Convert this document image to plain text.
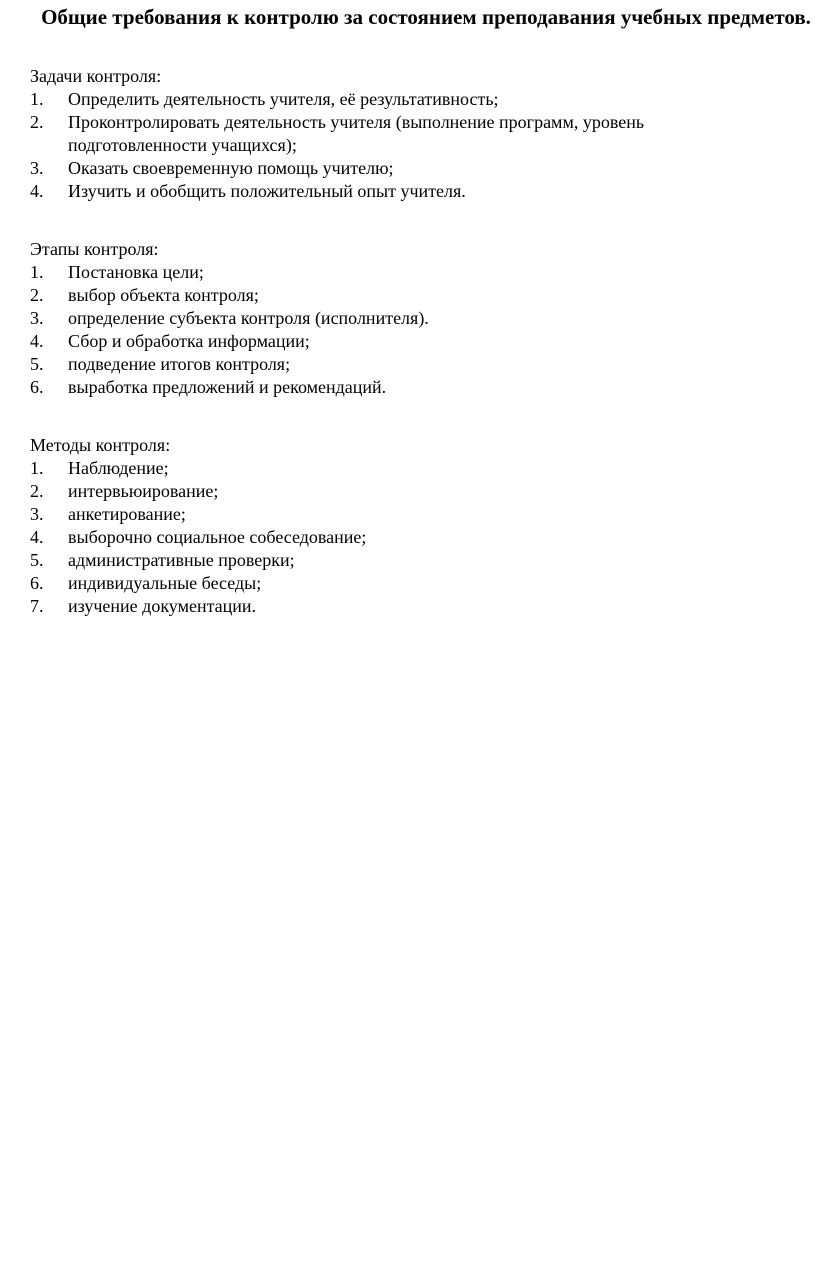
Общие требования к контролю за состоянием преподавания учебных предметов.

Задачи контроля:

1.	Определить деятельность учителя, её результативность;
2.	Проконтролировать деятельность учителя (выполнение программ, уровень подготовленности учащихся);
3.	Оказать своевременную помощь учителю;
4.	Изучить и обобщить положительный опыт учителя.

Этапы контроля:

1.	Постановка цели;
2.	выбор объекта контроля;
3.	определение субъекта контроля (исполнителя).
4.	Сбор и обработка информации;
5.	подведение итогов контроля;
6.	выработка предложений и рекомендаций.

Методы контроля:

1.	Наблюдение;
2.	интервьюирование;
3.	анкетирование;
4.	выборочно социальное собеседование;
5.	административные проверки;
6.	индивидуальные беседы;
7.	изучение документации.
